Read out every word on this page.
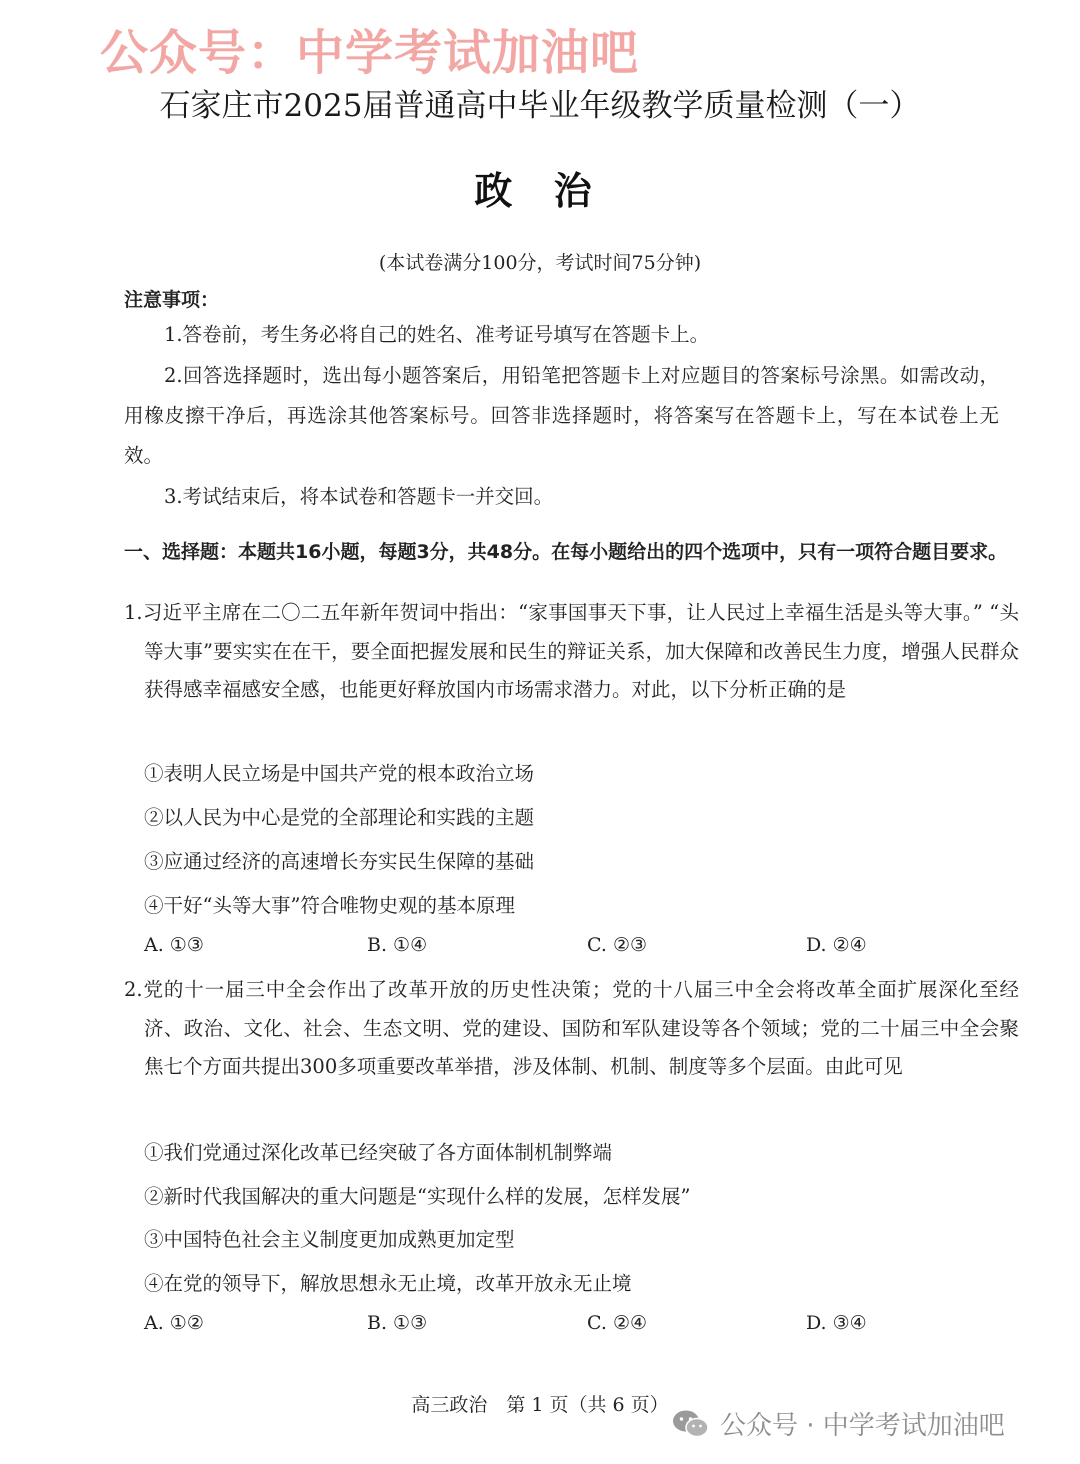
公众号：中学考试加油吧
石家庄市2025届普通高中毕业年级教学质量检测（一）
政 治
(本试卷满分100分，考试时间75分钟)
注意事项：
1.答卷前，考生务必将自己的姓名、准考证号填写在答题卡上。
2.回答选择题时，选出每小题答案后，用铅笔把答题卡上对应题目的答案标号涂黑。如需改动，用橡皮擦干净后，再选涂其他答案标号。回答非选择题时，将答案写在答题卡上，写在本试卷上无效。
3.考试结束后，将本试卷和答题卡一并交回。
一、选择题：本题共16小题，每题3分，共48分。在每小题给出的四个选项中，只有一项符合题目要求。
1.习近平主席在二〇二五年新年贺词中指出：“家事国事天下事，让人民过上幸福生活是头等大事。” “头等大事”要实实在在干，要全面把握发展和民生的辩证关系，加大保障和改善民生力度，增强人民群众获得感幸福感安全感，也能更好释放国内市场需求潜力。对此，以下分析正确的是
①表明人民立场是中国共产党的根本政治立场
②以人民为中心是党的全部理论和实践的主题
③应通过经济的高速增长夯实民生保障的基础
④干好“头等大事”符合唯物史观的基本原理
A. ①③	B. ①④	C. ②③	D. ②④
2.党的十一届三中全会作出了改革开放的历史性决策；党的十八届三中全会将改革全面扩展深化至经济、政治、文化、社会、生态文明、党的建设、国防和军队建设等各个领域；党的二十届三中全会聚焦七个方面共提出300多项重要改革举措，涉及体制、机制、制度等多个层面。由此可见
①我们党通过深化改革已经突破了各方面体制机制弊端
②新时代我国解决的重大问题是“实现什么样的发展，怎样发展”
③中国特色社会主义制度更加成熟更加定型
④在党的领导下，解放思想永无止境，改革开放永无止境
A. ①②	B. ①③	C. ②④	D. ③④
高三政治　第 1 页（共 6 页）
公众号 · 中学考试加油吧
